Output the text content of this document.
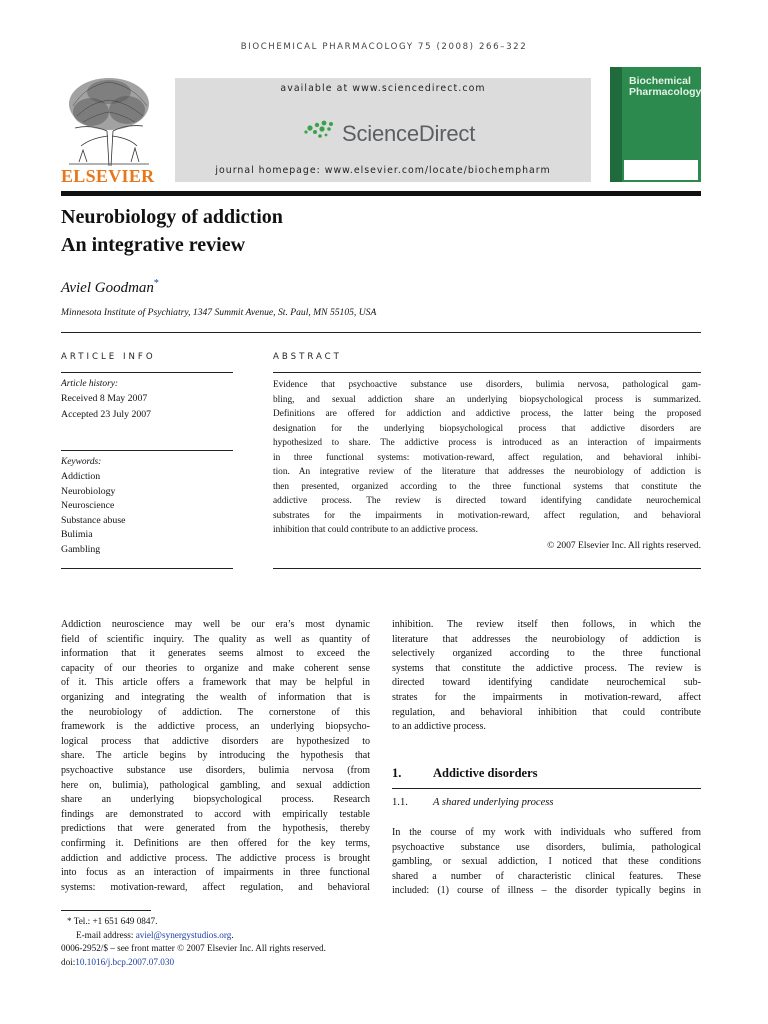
BIOCHEMICAL PHARMACOLOGY 75 (2008) 266–322
ELSEVIER
available at www.sciencedirect.com
ScienceDirect
journal homepage: www.elsevier.com/locate/biochempharm
Biochemical Pharmacology
Neurobiology of addiction
An integrative review
Aviel Goodman*
Minnesota Institute of Psychiatry, 1347 Summit Avenue, St. Paul, MN 55105, USA
ARTICLE INFO
Article history:
Received 8 May 2007
Accepted 23 July 2007
Keywords:
Addiction
Neurobiology
Neuroscience
Substance abuse
Bulimia
Gambling
ABSTRACT
Evidence that psychoactive substance use disorders, bulimia nervosa, pathological gam-
bling, and sexual addiction share an underlying biopsychological process is summarized.
Definitions are offered for addiction and addictive process, the latter being the proposed
designation for the underlying biopsychological process that addictive disorders are
hypothesized to share. The addictive process is introduced as an interaction of impairments
in three functional systems: motivation-reward, affect regulation, and behavioral inhibi-
tion. An integrative review of the literature that addresses the neurobiology of addiction is
then presented, organized according to the three functional systems that constitute the
addictive process. The review is directed toward identifying candidate neurochemical
substrates for the impairments in motivation-reward, affect regulation, and behavioral
inhibition that could contribute to an addictive process.
© 2007 Elsevier Inc. All rights reserved.
Addiction neuroscience may well be our era’s most dynamic
field of scientific inquiry. The quality as well as quantity of
information that it generates seems almost to exceed the
capacity of our theories to organize and make coherent sense
of it. This article offers a framework that may be helpful in
organizing and integrating the wealth of information that is
the neurobiology of addiction. The cornerstone of this
framework is the addictive process, an underlying biopsycho-
logical process that addictive disorders are hypothesized to
share. The article begins by introducing the hypothesis that
psychoactive substance use disorders, bulimia nervosa (from
here on, bulimia), pathological gambling, and sexual addiction
share an underlying biopsychological process. Research
findings are demonstrated to accord with empirically testable
predictions that were generated from the hypothesis, thereby
confirming it. Definitions are then offered for the key terms,
addiction and addictive process. The addictive process is brought
into focus as an interaction of impairments in three functional
systems: motivation-reward, affect regulation, and behavioral
inhibition. The review itself then follows, in which the
literature that addresses the neurobiology of addiction is
selectively organized according to the three functional
systems that constitute the addictive process. The review is
directed toward identifying candidate neurochemical sub-
strates for the impairments in motivation-reward, affect
regulation, and behavioral inhibition that could contribute
to an addictive process.
1.	Addictive disorders
1.1. A shared underlying process
In the course of my work with individuals who suffered from
psychoactive substance use disorders, bulimia, pathological
gambling, or sexual addiction, I noticed that these conditions
shared a number of characteristic clinical features. These
included: (1) course of illness – the disorder typically begins in
* Tel.: +1 651 649 0847.
E-mail address: aviel@synergystudios.org.
0006-2952/$ – see front matter © 2007 Elsevier Inc. All rights reserved.
doi:10.1016/j.bcp.2007.07.030
